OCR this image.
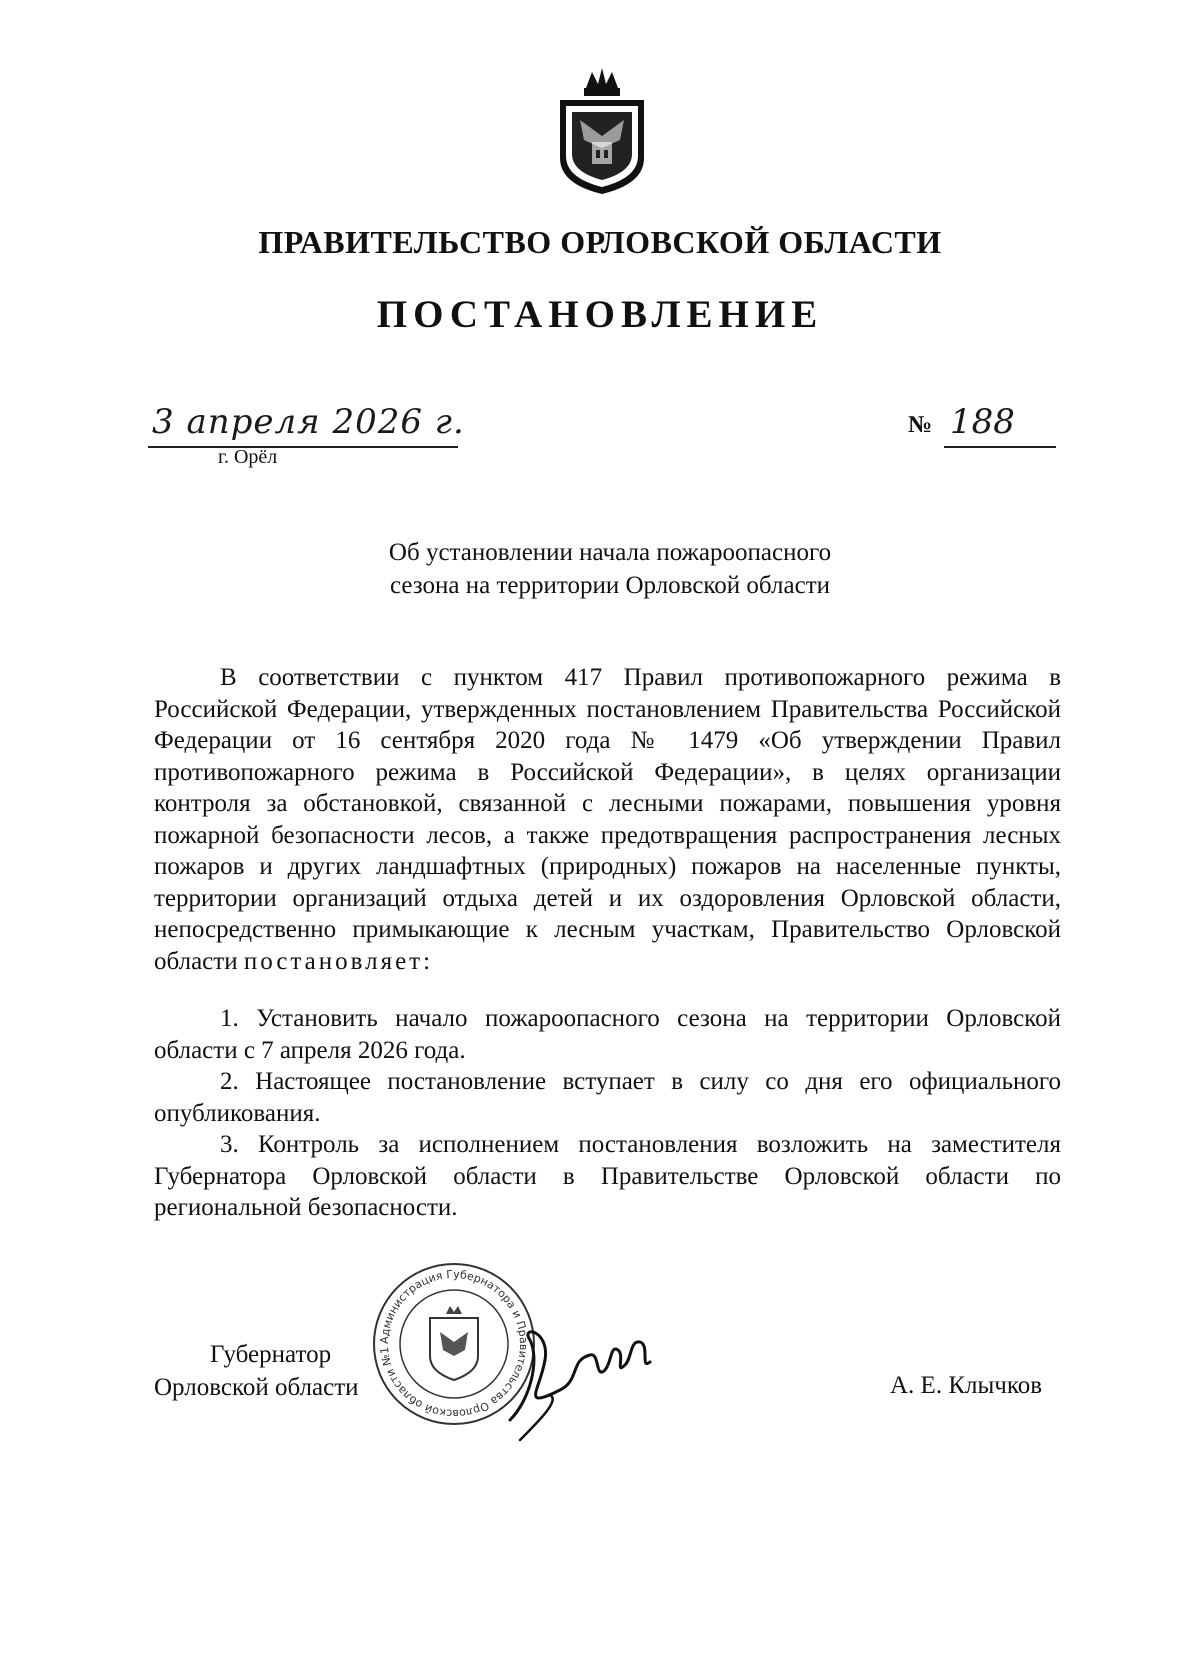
ПРАВИТЕЛЬСТВО ОРЛОВСКОЙ ОБЛАСТИ
ПОСТАНОВЛЕНИЕ
3 апреля 2026 г.
г. Орёл
№ 188
Об установлении начала пожароопасного
сезона на территории Орловской области

В соответствии с пунктом 417 Правил противопожарного режима в Российской Федерации, утвержденных постановлением Правительства Российской Федерации от 16 сентября 2020 года № 1479 «Об утверждении Правил противопожарного режима в Российской Федерации», в целях организации контроля за обстановкой, связанной с лесными пожарами, повышения уровня пожарной безопасности лесов, а также предотвращения распространения лесных пожаров и других ландшафтных (природных) пожаров на населенные пункты, территории организаций отдыха детей и их оздоровления Орловской области, непосредственно примыкающие к лесным участкам, Правительство Орловской области постановляет:

1. Установить начало пожароопасного сезона на территории Орловской области с 7 апреля 2026 года.

2. Настоящее постановление вступает в силу со дня его официального опубликования.

3. Контроль за исполнением постановления возложить на заместителя Губернатора Орловской области в Правительстве Орловской области по региональной безопасности.

Губернатор
Орловской области
Администрация Губернатора и Правительства Орловской области №1
А. Е. Клычков
